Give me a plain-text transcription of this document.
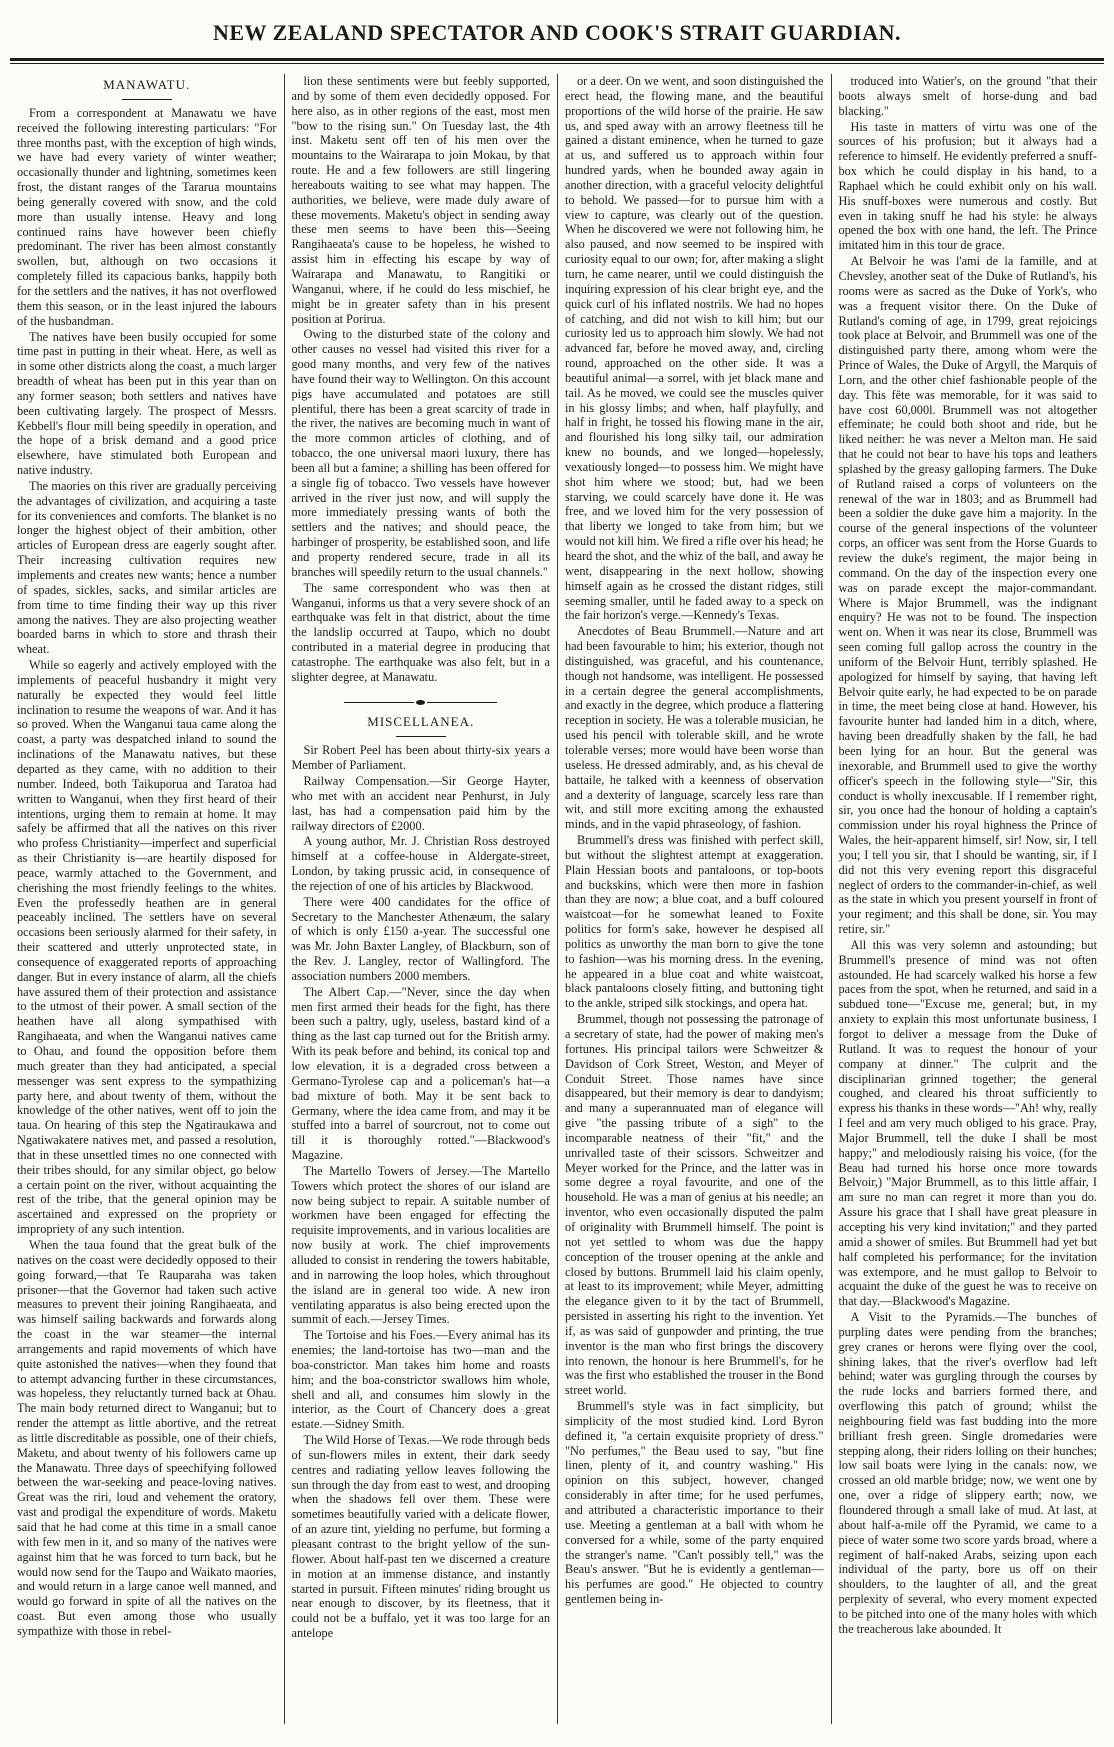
NEW ZEALAND SPECTATOR AND COOK'S STRAIT GUARDIAN.
MANAWATU.

From a correspondent at Manawatu we have received the following interesting particulars: "For three months past, with the exception of high winds, we have had every variety of winter weather; occasionally thunder and lightning, sometimes keen frost, the distant ranges of the Tararua mountains being generally covered with snow, and the cold more than usually intense. Heavy and long continued rains have however been chiefly predominant. The river has been almost constantly swollen, but, although on two occasions it completely filled its capacious banks, happily both for the settlers and the natives, it has not overflowed them this season, or in the least injured the labours of the husbandman.

The natives have been busily occupied for some time past in putting in their wheat. Here, as well as in some other districts along the coast, a much larger breadth of wheat has been put in this year than on any former season; both settlers and natives have been cultivating largely. The prospect of Messrs. Kebbell's flour mill being speedily in operation, and the hope of a brisk demand and a good price elsewhere, have stimulated both European and native industry.

The maories on this river are gradually perceiving the advantages of civilization, and acquiring a taste for its conveniences and comforts. The blanket is no longer the highest object of their ambition, other articles of European dress are eagerly sought after. Their increasing cultivation requires new implements and creates new wants; hence a number of spades, sickles, sacks, and similar articles are from time to time finding their way up this river among the natives. They are also projecting weather boarded barns in which to store and thrash their wheat.

While so eagerly and actively employed with the implements of peaceful husbandry it might very naturally be expected they would feel little inclination to resume the weapons of war. And it has so proved. When the Wanganui taua came along the coast, a party was despatched inland to sound the inclinations of the Manawatu natives, but these departed as they came, with no addition to their number. Indeed, both Taikuporua and Taratoa had written to Wanganui, when they first heard of their intentions, urging them to remain at home. It may safely be affirmed that all the natives on this river who profess Christianity—imperfect and superficial as their Christianity is—are heartily disposed for peace, warmly attached to the Government, and cherishing the most friendly feelings to the whites. Even the professedly heathen are in general peaceably inclined. The settlers have on several occasions been seriously alarmed for their safety, in their scattered and utterly unprotected state, in consequence of exaggerated reports of approaching danger. But in every instance of alarm, all the chiefs have assured them of their protection and assistance to the utmost of their power. A small section of the heathen have all along sympathised with Rangihaeata, and when the Wanganui natives came to Ohau, and found the opposition before them much greater than they had anticipated, a special messenger was sent express to the sympathizing party here, and about twenty of them, without the knowledge of the other natives, went off to join the taua. On hearing of this step the Ngatiraukawa and Ngatiwakatere natives met, and passed a resolution, that in these unsettled times no one connected with their tribes should, for any similar object, go below a certain point on the river, without acquainting the rest of the tribe, that the general opinion may be ascertained and expressed on the propriety or impropriety of any such intention.

When the taua found that the great bulk of the natives on the coast were decidedly opposed to their going forward,—that Te Rauparaha was taken prisoner—that the Governor had taken such active measures to prevent their joining Rangihaeata, and was himself sailing backwards and forwards along the coast in the war steamer—the internal arrangements and rapid movements of which have quite astonished the natives—when they found that to attempt advancing further in these circumstances, was hopeless, they reluctantly turned back at Ohau. The main body returned direct to Wanganui; but to render the attempt as little abortive, and the retreat as little discreditable as possible, one of their chiefs, Maketu, and about twenty of his followers came up the Manawatu. Three days of speechifying followed between the war-seeking and peace-loving natives. Great was the riri, loud and vehement the oratory, vast and prodigal the expenditure of words. Maketu said that he had come at this time in a small canoe with few men in it, and so many of the natives were against him that he was forced to turn back, but he would now send for the Taupo and Waikato maories, and would return in a large canoe well manned, and would go forward in spite of all the natives on the coast. But even among those who usually sympathize with those in rebel-

lion these sentiments were but feebly supported, and by some of them even decidedly opposed. For here also, as in other regions of the east, most men "bow to the rising sun." On Tuesday last, the 4th inst. Maketu sent off ten of his men over the mountains to the Wairarapa to join Mokau, by that route. He and a few followers are still lingering hereabouts waiting to see what may happen. The authorities, we believe, were made duly aware of these movements. Maketu's object in sending away these men seems to have been this—Seeing Rangihaeata's cause to be hopeless, he wished to assist him in effecting his escape by way of Wairarapa and Manawatu, to Rangitiki or Wanganui, where, if he could do less mischief, he might be in greater safety than in his present position at Porirua.

Owing to the disturbed state of the colony and other causes no vessel had visited this river for a good many months, and very few of the natives have found their way to Wellington. On this account pigs have accumulated and potatoes are still plentiful, there has been a great scarcity of trade in the river, the natives are becoming much in want of the more common articles of clothing, and of tobacco, the one universal maori luxury, there has been all but a famine; a shilling has been offered for a single fig of tobacco. Two vessels have however arrived in the river just now, and will supply the more immediately pressing wants of both the settlers and the natives; and should peace, the harbinger of prosperity, be established soon, and life and property rendered secure, trade in all its branches will speedily return to the usual channels."

The same correspondent who was then at Wanganui, informs us that a very severe shock of an earthquake was felt in that district, about the time the landslip occurred at Taupo, which no doubt contributed in a material degree in producing that catastrophe. The earthquake was also felt, but in a slighter degree, at Manawatu.

MISCELLANEA.

Sir Robert Peel has been about thirty-six years a Member of Parliament.

Railway Compensation.—Sir George Hayter, who met with an accident near Penhurst, in July last, has had a compensation paid him by the railway directors of £2000.

A young author, Mr. J. Christian Ross destroyed himself at a coffee-house in Aldergate-street, London, by taking prussic acid, in consequence of the rejection of one of his articles by Blackwood.

There were 400 candidates for the office of Secretary to the Manchester Athenæum, the salary of which is only £150 a-year. The successful one was Mr. John Baxter Langley, of Blackburn, son of the Rev. J. Langley, rector of Wallingford. The association numbers 2000 members.

The Albert Cap.—"Never, since the day when men first armed their heads for the fight, has there been such a paltry, ugly, useless, bastard kind of a thing as the last cap turned out for the British army. With its peak before and behind, its conical top and low elevation, it is a degraded cross between a Germano-Tyrolese cap and a policeman's hat—a bad mixture of both. May it be sent back to Germany, where the idea came from, and may it be stuffed into a barrel of sourcrout, not to come out till it is thoroughly rotted."—Blackwood's Magazine.

The Martello Towers of Jersey.—The Martello Towers which protect the shores of our island are now being subject to repair. A suitable number of workmen have been engaged for effecting the requisite improvements, and in various localities are now busily at work. The chief improvements alluded to consist in rendering the towers habitable, and in narrowing the loop holes, which throughout the island are in general too wide. A new iron ventilating apparatus is also being erected upon the summit of each.—Jersey Times.

The Tortoise and his Foes.—Every animal has its enemies; the land-tortoise has two—man and the boa-constrictor. Man takes him home and roasts him; and the boa-constrictor swallows him whole, shell and all, and consumes him slowly in the interior, as the Court of Chancery does a great estate.—Sidney Smith.

The Wild Horse of Texas.—We rode through beds of sun-flowers miles in extent, their dark seedy centres and radiating yellow leaves following the sun through the day from east to west, and drooping when the shadows fell over them. These were sometimes beautifully varied with a delicate flower, of an azure tint, yielding no perfume, but forming a pleasant contrast to the bright yellow of the sun-flower. About half-past ten we discerned a creature in motion at an immense distance, and instantly started in pursuit. Fifteen minutes' riding brought us near enough to discover, by its fleetness, that it could not be a buffalo, yet it was too large for an antelope

or a deer. On we went, and soon distinguished the erect head, the flowing mane, and the beautiful proportions of the wild horse of the prairie. He saw us, and sped away with an arrowy fleetness till he gained a distant eminence, when he turned to gaze at us, and suffered us to approach within four hundred yards, when he bounded away again in another direction, with a graceful velocity delightful to behold. We passed—for to pursue him with a view to capture, was clearly out of the question. When he discovered we were not following him, he also paused, and now seemed to be inspired with curiosity equal to our own; for, after making a slight turn, he came nearer, until we could distinguish the inquiring expression of his clear bright eye, and the quick curl of his inflated nostrils. We had no hopes of catching, and did not wish to kill him; but our curiosity led us to approach him slowly. We had not advanced far, before he moved away, and, circling round, approached on the other side. It was a beautiful animal—a sorrel, with jet black mane and tail. As he moved, we could see the muscles quiver in his glossy limbs; and when, half playfully, and half in fright, he tossed his flowing mane in the air, and flourished his long silky tail, our admiration knew no bounds, and we longed—hopelessly, vexatiously longed—to possess him. We might have shot him where we stood; but, had we been starving, we could scarcely have done it. He was free, and we loved him for the very possession of that liberty we longed to take from him; but we would not kill him. We fired a rifle over his head; he heard the shot, and the whiz of the ball, and away he went, disappearing in the next hollow, showing himself again as he crossed the distant ridges, still seeming smaller, until he faded away to a speck on the fair horizon's verge.—Kennedy's Texas.

Anecdotes of Beau Brummell.—Nature and art had been favourable to him; his exterior, though not distinguished, was graceful, and his countenance, though not handsome, was intelligent. He possessed in a certain degree the general accomplishments, and exactly in the degree, which produce a flattering reception in society. He was a tolerable musician, he used his pencil with tolerable skill, and he wrote tolerable verses; more would have been worse than useless. He dressed admirably, and, as his cheval de battaile, he talked with a keenness of observation and a dexterity of language, scarcely less rare than wit, and still more exciting among the exhausted minds, and in the vapid phraseology, of fashion.

Brummell's dress was finished with perfect skill, but without the slightest attempt at exaggeration. Plain Hessian boots and pantaloons, or top-boots and buckskins, which were then more in fashion than they are now; a blue coat, and a buff coloured waistcoat—for he somewhat leaned to Foxite politics for form's sake, however he despised all politics as unworthy the man born to give the tone to fashion—was his morning dress. In the evening, he appeared in a blue coat and white waistcoat, black pantaloons closely fitting, and buttoning tight to the ankle, striped silk stockings, and opera hat.

Brummel, though not possessing the patronage of a secretary of state, had the power of making men's fortunes. His principal tailors were Schweitzer & Davidson of Cork Street, Weston, and Meyer of Conduit Street. Those names have since disappeared, but their memory is dear to dandyism; and many a superannuated man of elegance will give "the passing tribute of a sigh" to the incomparable neatness of their "fit," and the unrivalled taste of their scissors. Schweitzer and Meyer worked for the Prince, and the latter was in some degree a royal favourite, and one of the household. He was a man of genius at his needle; an inventor, who even occasionally disputed the palm of originality with Brummell himself. The point is not yet settled to whom was due the happy conception of the trouser opening at the ankle and closed by buttons. Brummell laid his claim openly, at least to its improvement; while Meyer, admitting the elegance given to it by the tact of Brummell, persisted in asserting his right to the invention. Yet if, as was said of gunpowder and printing, the true inventor is the man who first brings the discovery into renown, the honour is here Brummell's, for he was the first who established the trouser in the Bond street world.

Brummell's style was in fact simplicity, but simplicity of the most studied kind. Lord Byron defined it, "a certain exquisite propriety of dress." "No perfumes," the Beau used to say, "but fine linen, plenty of it, and country washing." His opinion on this subject, however, changed considerably in after time; for he used perfumes, and attributed a characteristic importance to their use. Meeting a gentleman at a ball with whom he conversed for a while, some of the party enquired the stranger's name. "Can't possibly tell," was the Beau's answer. "But he is evidently a gentleman—his perfumes are good." He objected to country gentlemen being in-

troduced into Watier's, on the ground "that their boots always smelt of horse-dung and bad blacking."

His taste in matters of virtu was one of the sources of his profusion; but it always had a reference to himself. He evidently preferred a snuff-box which he could display in his hand, to a Raphael which he could exhibit only on his wall. His snuff-boxes were numerous and costly. But even in taking snuff he had his style: he always opened the box with one hand, the left. The Prince imitated him in this tour de grace.

At Belvoir he was l'ami de la famille, and at Chevsley, another seat of the Duke of Rutland's, his rooms were as sacred as the Duke of York's, who was a frequent visitor there. On the Duke of Rutland's coming of age, in 1799, great rejoicings took place at Belvoir, and Brummell was one of the distinguished party there, among whom were the Prince of Wales, the Duke of Argyll, the Marquis of Lorn, and the other chief fashionable people of the day. This fête was memorable, for it was said to have cost 60,000l. Brummell was not altogether effeminate; he could both shoot and ride, but he liked neither: he was never a Melton man. He said that he could not bear to have his tops and leathers splashed by the greasy galloping farmers. The Duke of Rutland raised a corps of volunteers on the renewal of the war in 1803; and as Brummell had been a soldier the duke gave him a majority. In the course of the general inspections of the volunteer corps, an officer was sent from the Horse Guards to review the duke's regiment, the major being in command. On the day of the inspection every one was on parade except the major-commandant. Where is Major Brummell, was the indignant enquiry? He was not to be found. The inspection went on. When it was near its close, Brummell was seen coming full gallop across the country in the uniform of the Belvoir Hunt, terribly splashed. He apologized for himself by saying, that having left Belvoir quite early, he had expected to be on parade in time, the meet being close at hand. However, his favourite hunter had landed him in a ditch, where, having been dreadfully shaken by the fall, he had been lying for an hour. But the general was inexorable, and Brummell used to give the worthy officer's speech in the following style—"Sir, this conduct is wholly inexcusable. If I remember right, sir, you once had the honour of holding a captain's commission under his royal highness the Prince of Wales, the heir-apparent himself, sir! Now, sir, I tell you; I tell you sir, that I should be wanting, sir, if I did not this very evening report this disgraceful neglect of orders to the commander-in-chief, as well as the state in which you present yourself in front of your regiment; and this shall be done, sir. You may retire, sir."

All this was very solemn and astounding; but Brummell's presence of mind was not often astounded. He had scarcely walked his horse a few paces from the spot, when he returned, and said in a subdued tone—"Excuse me, general; but, in my anxiety to explain this most unfortunate business, I forgot to deliver a message from the Duke of Rutland. It was to request the honour of your company at dinner." The culprit and the disciplinarian grinned together; the general coughed, and cleared his throat sufficiently to express his thanks in these words—"Ah! why, really I feel and am very much obliged to his grace. Pray, Major Brummell, tell the duke I shall be most happy;" and melodiously raising his voice, (for the Beau had turned his horse once more towards Belvoir,) "Major Brummell, as to this little affair, I am sure no man can regret it more than you do. Assure his grace that I shall have great pleasure in accepting his very kind invitation;" and they parted amid a shower of smiles. But Brummell had yet but half completed his performance; for the invitation was extempore, and he must gallop to Belvoir to acquaint the duke of the guest he was to receive on that day.—Blackwood's Magazine.

A Visit to the Pyramids.—The bunches of purpling dates were pending from the branches; grey cranes or herons were flying over the cool, shining lakes, that the river's overflow had left behind; water was gurgling through the courses by the rude locks and barriers formed there, and overflowing this patch of ground; whilst the neighbouring field was fast budding into the more brilliant fresh green. Single dromedaries were stepping along, their riders lolling on their hunches; low sail boats were lying in the canals: now, we crossed an old marble bridge; now, we went one by one, over a ridge of slippery earth; now, we floundered through a small lake of mud. At last, at about half-a-mile off the Pyramid, we came to a piece of water some two score yards broad, where a regiment of half-naked Arabs, seizing upon each individual of the party, bore us off on their shoulders, to the laughter of all, and the great perplexity of several, who every moment expected to be pitched into one of the many holes with which the treacherous lake abounded. It
